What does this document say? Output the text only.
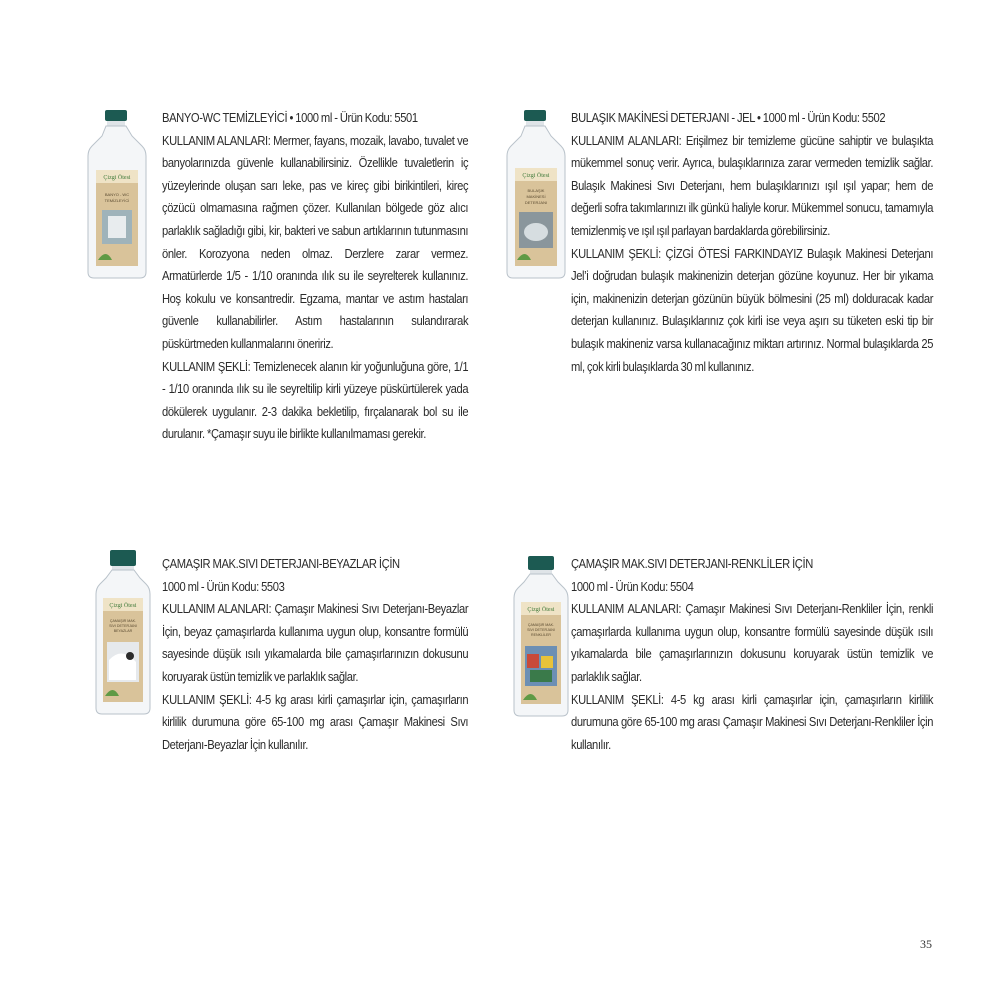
Çizgi Ötesi
BANYO - WC
TEMİZLEYİCİ

BANYO-WC TEMİZLEYİCİ • 1000 ml - Ürün Kodu: 5501

KULLANIM ALANLARI: Mermer, fayans, mozaik, lavabo, tuvalet ve banyolarınızda güvenle kullanabilirsiniz. Özellikle tuvaletlerin iç yüzeylerinde oluşan sarı leke, pas ve kireç gibi birikintileri, kireç çözücü olmamasına rağmen çözer. Kullanılan bölgede göz alıcı parlaklık sağladığı gibi, kir, bakteri ve sabun artıklarının tutunmasını önler. Korozyona neden olmaz. Derzlere zarar vermez. Armatürlerde 1/5 - 1/10 oranında ılık su ile seyrelterek kullanınız. Hoş kokulu ve konsantredir. Egzama, mantar ve astım hastaları güvenle kullanabilirler. Astım hastalarının sulandırarak püskürtmeden kullanmalarını öneririz.

KULLANIM ŞEKLİ: Temizlenecek alanın kir yoğunluğuna göre, 1/1 - 1/10 oranında ılık su ile seyreltilip kirli yüzeye püskürtülerek yada dökülerek uygulanır. 2-3 dakika bekletilip, fırçalanarak bol su ile durulanır. *Çamaşır suyu ile birlikte kullanılmaması gerekir.

Çizgi Ötesi
BULAŞIK
MAKİNESİ
DETERJANI

BULAŞIK MAKİNESİ DETERJANI - JEL • 1000 ml - Ürün Kodu: 5502

KULLANIM ALANLARI: Erişilmez bir temizleme gücüne sahiptir ve bulaşıkta mükemmel sonuç verir. Ayrıca, bulaşıklarınıza zarar vermeden temizlik sağlar. Bulaşık Makinesi Sıvı Deterjanı, hem bulaşıklarınızı ışıl ışıl yapar; hem de değerli sofra takımlarınızı ilk günkü haliyle korur. Mükemmel sonucu, tamamıyla temizlenmiş ve ışıl ışıl parlayan bardaklarda görebilirsiniz.

KULLANIM ŞEKLİ: ÇİZGİ ÖTESİ FARKINDAYIZ Bulaşık Makinesi Deterjanı Jel’i doğrudan bulaşık makinenizin deterjan gözüne koyunuz. Her bir yıkama için, makinenizin deterjan gözünün büyük bölmesini (25 ml) dolduracak kadar deterjan kullanınız. Bulaşıklarınız çok kirli ise veya aşırı su tüketen eski tip bir bulaşık makineniz varsa kullanacağınız miktarı artırınız. Normal bulaşıklarda 25 ml, çok kirli bulaşıklarda 30 ml kullanınız.

Çizgi Ötesi
ÇAMAŞIR MAK.
SIVI DETERJANI
BEYAZLAR

ÇAMAŞIR MAK.SIVI DETERJANI-BEYAZLAR İÇİN

1000 ml - Ürün Kodu: 5503

KULLANIM ALANLARI: Çamaşır Makinesi Sıvı Deterjanı-Beyazlar İçin, beyaz çamaşırlarda kullanıma uygun olup, konsantre formülü sayesinde düşük ısılı yıkamalarda bile çamaşırlarınızın dokusunu koruyarak üstün temizlik ve parlaklık sağlar.

KULLANIM ŞEKLİ: 4-5 kg arası kirli çamaşırlar için, çamaşırların kirlilik durumuna göre 65-100 mg arası Çamaşır Makinesi Sıvı Deterjanı-Beyazlar İçin kullanılır.

Çizgi Ötesi
ÇAMAŞIR MAK.
SIVI DETERJANI
RENKLİLER

ÇAMAŞIR MAK.SIVI DETERJANI-RENKLİLER İÇİN

1000 ml - Ürün Kodu: 5504

KULLANIM ALANLARI: Çamaşır Makinesi Sıvı Deterjanı-Renkliler İçin, renkli çamaşırlarda kullanıma uygun olup, konsantre formülü sayesinde düşük ısılı yıkamalarda bile çamaşırlarınızın dokusunu koruyarak üstün temizlik ve parlaklık sağlar.

KULLANIM ŞEKLİ: 4-5 kg arası kirli çamaşırlar için, çamaşırların kirlilik durumuna göre 65-100 mg arası Çamaşır Makinesi Sıvı Deterjanı-Renkliler İçin kullanılır.

35
